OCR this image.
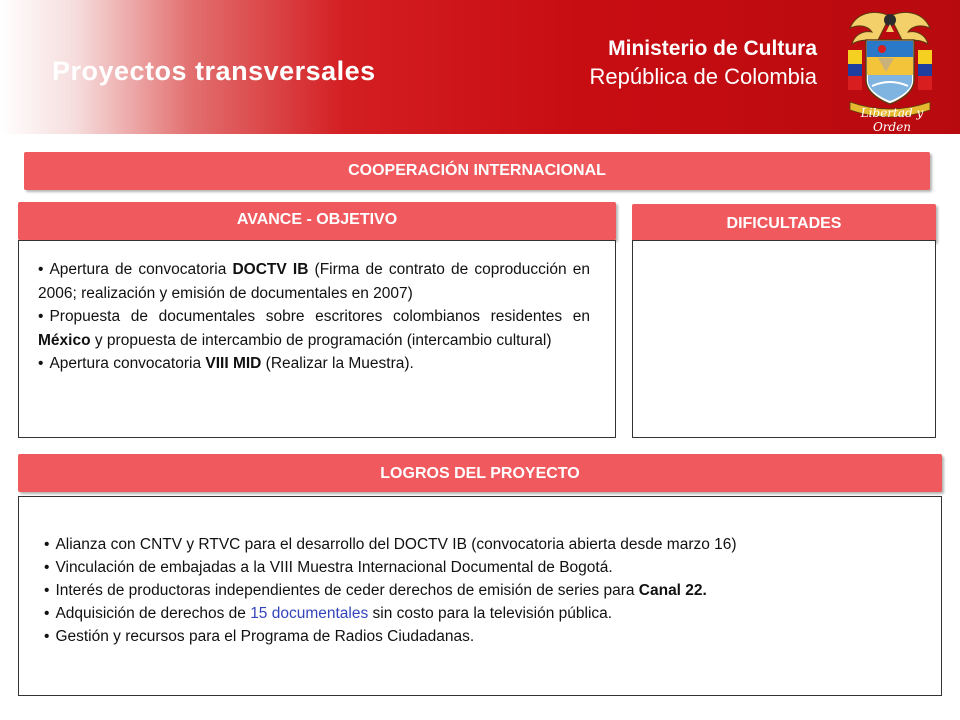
Proyectos transversales
Ministerio de Cultura
República de Colombia
Libertad y Orden
COOPERACIÓN INTERNACIONAL
AVANCE - OBJETIVO
• Apertura de convocatoria DOCTV IB (Firma de contrato de coproducción en 2006; realización y emisión de documentales en 2007)
• Propuesta de documentales sobre escritores colombianos residentes en México y propuesta de intercambio de programación (intercambio cultural)
• Apertura convocatoria VIII MID (Realizar la Muestra).
DIFICULTADES
LOGROS DEL PROYECTO
• Alianza con CNTV y RTVC para el desarrollo del DOCTV IB (convocatoria abierta desde marzo 16)
• Vinculación de embajadas a la VIII Muestra Internacional Documental de Bogotá.
• Interés de productoras independientes de ceder derechos de emisión de series para Canal 22.
• Adquisición de derechos de 15 documentales sin costo para la televisión pública.
• Gestión y recursos para el Programa de Radios Ciudadanas.
